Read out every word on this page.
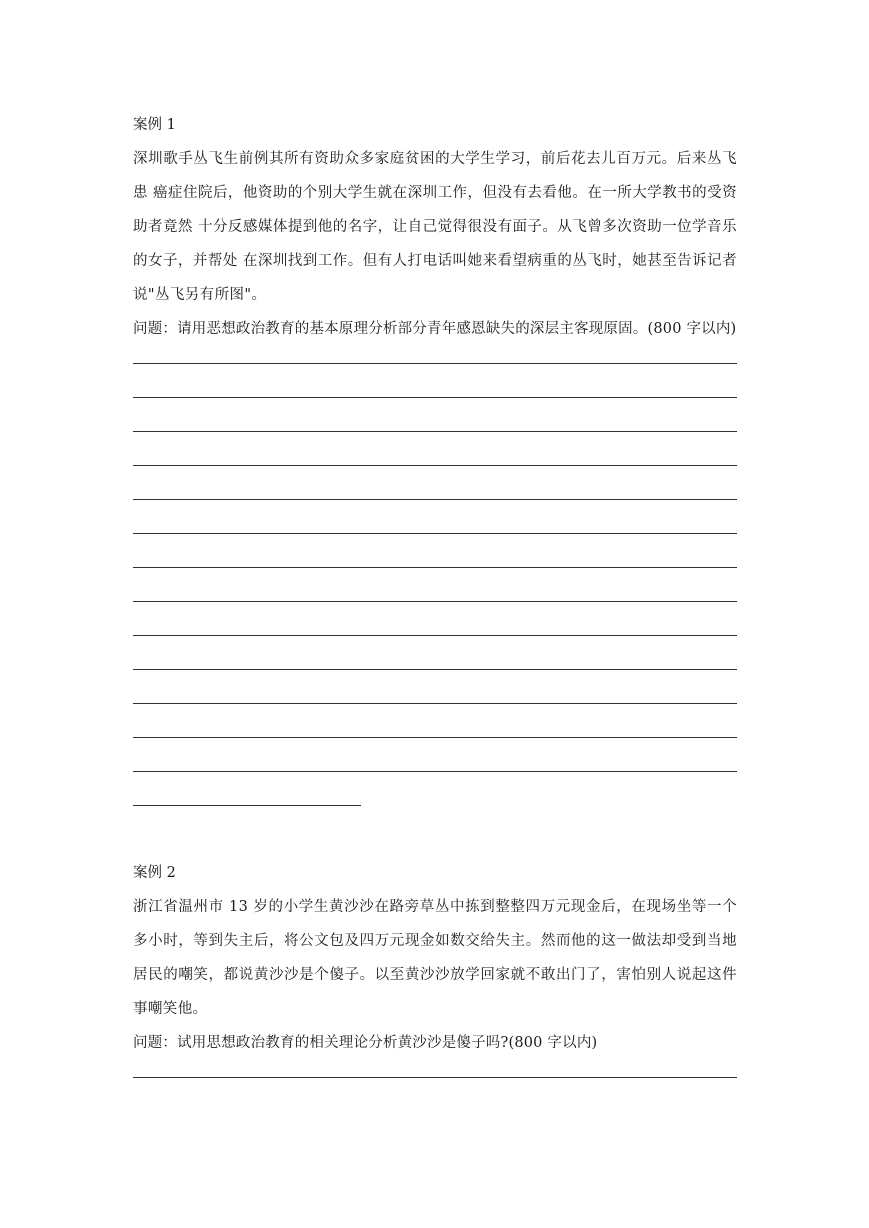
案例 1

深圳歌手丛飞生前例其所有资助众多家庭贫困的大学生学习，前后花去儿百万元。后来丛飞患 癌症住院后，他资助的个别大学生就在深圳工作，但没有去看他。在一所大学教书的受资助者竟然 十分反感媒体提到他的名字，让自己觉得很没有面子。从飞曾多次资助一位学音乐的女子，并帮处 在深圳找到工作。但有人打电话叫她来看望病重的丛飞时，她甚至告诉记者说"丛飞另有所图"。

问题：请用恶想政治教育的基本原理分析部分青年感恩缺失的深层主客现原固。(800 字以内)

案例 2

浙江省温州市 13 岁的小学生黄沙沙在路旁草丛中拣到整整四万元现金后，在现场坐等一个多小时，等到失主后，将公文包及四万元现金如数交给失主。然而他的这一做法却受到当地居民的嘲笑，都说黄沙沙是个傻子。以至黄沙沙放学回家就不敢出门了，害怕别人说起这件事嘲笑他。

问题：试用思想政治教育的相关理论分析黄沙沙是傻子吗?(800 字以内)
